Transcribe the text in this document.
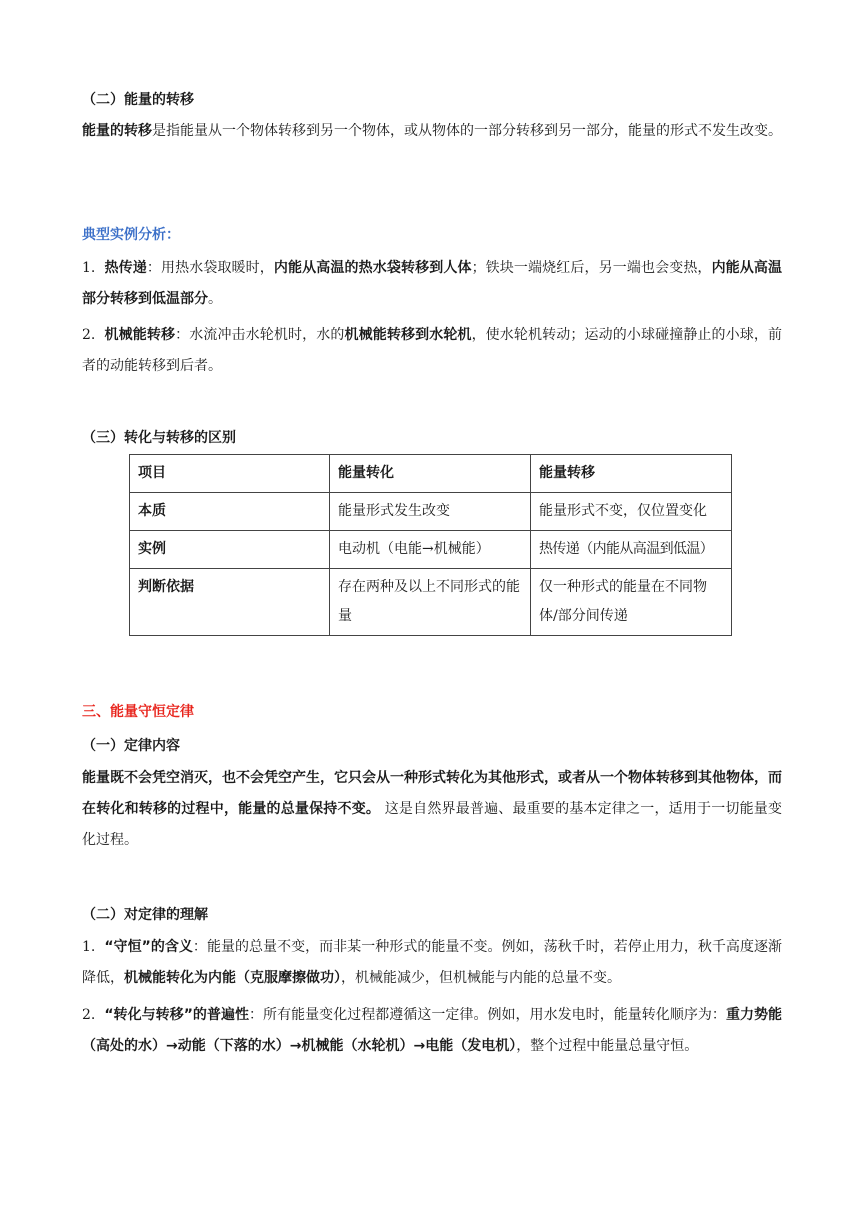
（二）能量的转移

能量的转移是指能量从一个物体转移到另一个物体，或从物体的一部分转移到另一部分，能量的形式不发生改变。

典型实例分析：

1. 热传递：用热水袋取暖时，内能从高温的热水袋转移到人体；铁块一端烧红后，另一端也会变热，内能从高温部分转移到低温部分。

2. 机械能转移：水流冲击水轮机时，水的机械能转移到水轮机，使水轮机转动；运动的小球碰撞静止的小球，前者的动能转移到后者。

（三）转化与转移的区别
项目	能量转化	能量转移
本质	能量形式发生改变	能量形式不变，仅位置变化
实例	电动机（电能→机械能）	热传递（内能从高温到低温）
判断依据	存在两种及以上不同形式的能量	仅一种形式的能量在不同物体/部分间传递
三、能量守恒定律
（一）定律内容

能量既不会凭空消灭，也不会凭空产生，它只会从一种形式转化为其他形式，或者从一个物体转移到其他物体，而在转化和转移的过程中，能量的总量保持不变。 这是自然界最普遍、最重要的基本定律之一，适用于一切能量变化过程。

（二）对定律的理解

1. “守恒”的含义：能量的总量不变，而非某一种形式的能量不变。例如，荡秋千时，若停止用力，秋千高度逐渐降低，机械能转化为内能（克服摩擦做功），机械能减少，但机械能与内能的总量不变。

2. “转化与转移”的普遍性：所有能量变化过程都遵循这一定律。例如，用水发电时，能量转化顺序为：重力势能（高处的水）→动能（下落的水）→机械能（水轮机）→电能（发电机），整个过程中能量总量守恒。
